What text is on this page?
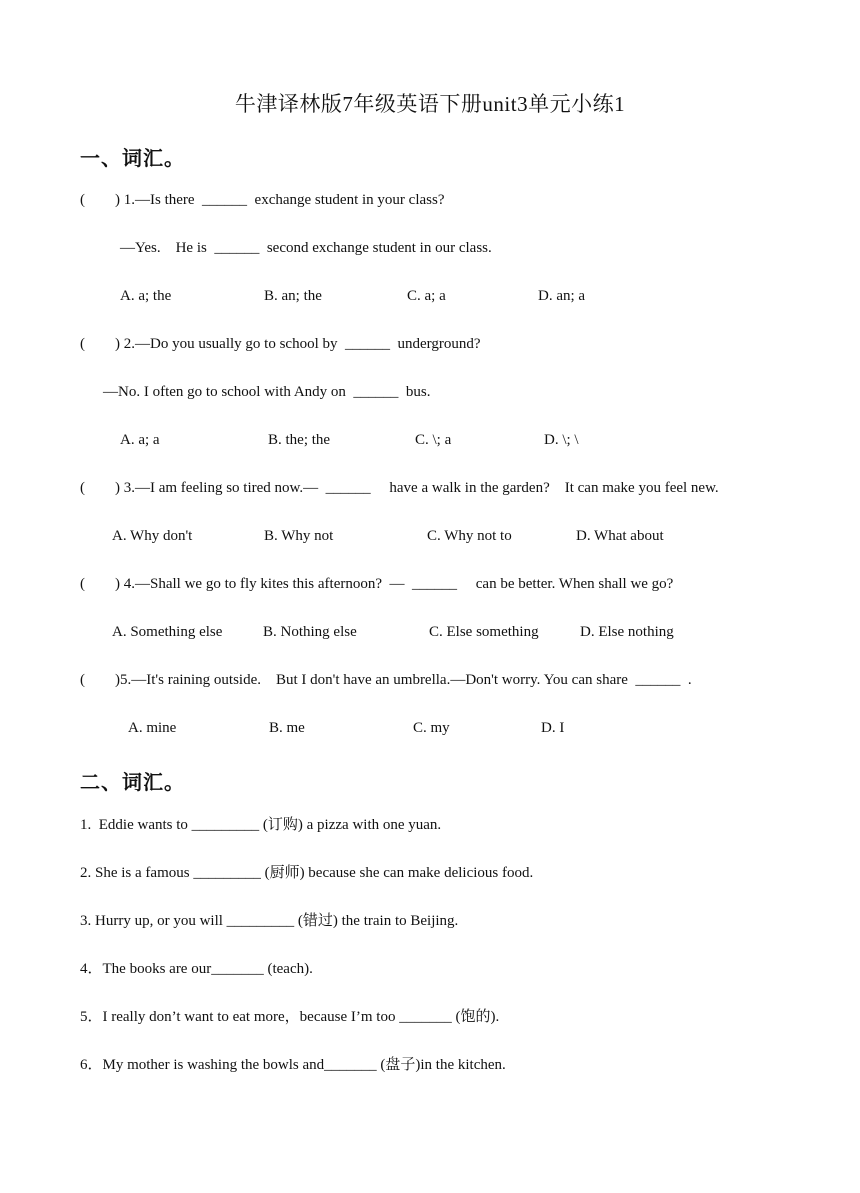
牛津译林版7年级英语下册unit3单元小练1
一、词汇。
(        ) 1.—Is there  ______  exchange student in your class?
—Yes.    He is  ______  second exchange student in our class.
A. a; the	B. an; the	C. a; a	D. an; a
(        ) 2.—Do you usually go to school by  ______  underground?
—No. I often go to school with Andy on  ______  bus.
A. a; a	B. the; the	C. \; a	D. \; \
(        ) 3.—I am feeling so tired now.—  ______     have a walk in the garden?    It can make you feel new.
A. Why don't	B. Why not	C. Why not to	D. What about
(        ) 4.—Shall we go to fly kites this afternoon?  —  ______     can be better. When shall we go?
A. Something else	B. Nothing else	C. Else something	D. Else nothing
(        )5.—It's raining outside.    But I don't have an umbrella.—Don't worry. You can share  ______  .
A. mine	B. me	C. my	D. I
二、词汇。
1.  Eddie wants to _________ (订购) a pizza with one yuan.
2. She is a famous _________ (厨师) because she can make delicious food.
3. Hurry up, or you will _________ (错过) the train to Beijing.
4．The books are our_______ (teach).
5．I really don’t want to eat more，because I’m too _______ (饱的).
6．My mother is washing the bowls and_______ (盘子)in the kitchen.
